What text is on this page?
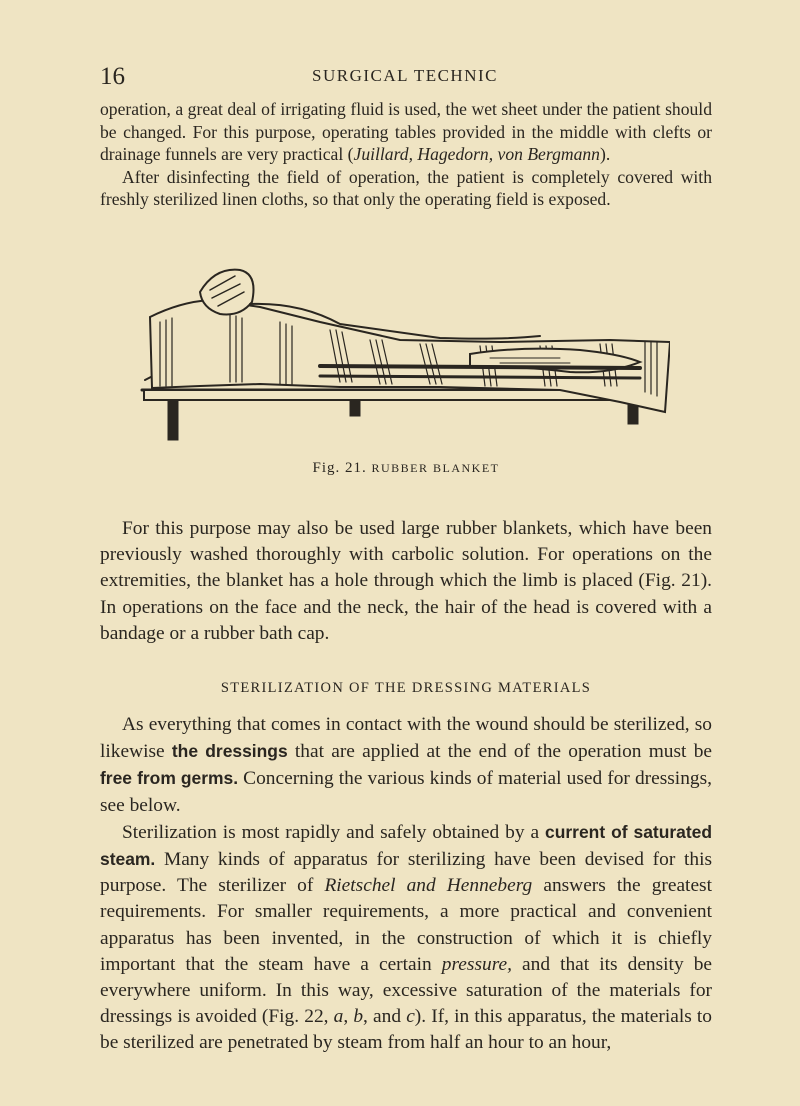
16	SURGICAL TECHNIC

operation, a great deal of irrigating fluid is used, the wet sheet under the patient should be changed. For this purpose, operating tables provided in the middle with clefts or drainage funnels are very practical (Juillard, Hagedorn, von Bergmann).

After disinfecting the field of operation, the patient is completely covered with freshly sterilized linen cloths, so that only the operating field is exposed.

Fig. 21. RUBBER BLANKET

For this purpose may also be used large rubber blankets, which have been previously washed thoroughly with carbolic solution. For operations on the extremities, the blanket has a hole through which the limb is placed (Fig. 21). In operations on the face and the neck, the hair of the head is covered with a bandage or a rubber bath cap.

STERILIZATION OF THE DRESSING MATERIALS

As everything that comes in contact with the wound should be sterilized, so likewise the dressings that are applied at the end of the operation must be free from germs. Concerning the various kinds of material used for dressings, see below.

Sterilization is most rapidly and safely obtained by a current of saturated steam. Many kinds of apparatus for sterilizing have been devised for this purpose. The sterilizer of Rietschel and Henneberg answers the greatest requirements. For smaller requirements, a more practical and convenient apparatus has been invented, in the construction of which it is chiefly important that the steam have a certain pressure, and that its density be everywhere uniform. In this way, excessive saturation of the materials for dressings is avoided (Fig. 22, a, b, and c). If, in this apparatus, the materials to be sterilized are penetrated by steam from half an hour to an hour,
